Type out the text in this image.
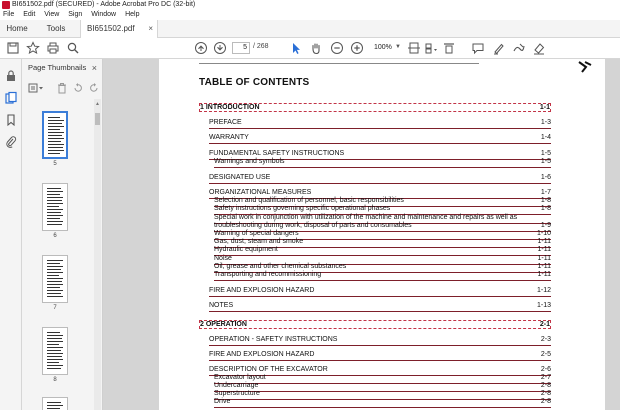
BI651502.pdf (SECURED) - Adobe Acrobat Pro DC (32-bit)
File Edit View Sign Window Help
Home	Tools	BI651502.pdf ×
5 / 268	100% ▼
Page Thumbnails ×
5
6
7
8
▲
TABLE OF CONTENTS
1 INTRODUCTION	1-1
PREFACE	1-3
WARRANTY	1-4
FUNDAMENTAL SAFETY INSTRUCTIONS	1-5
Warnings and symbols	1-5
DESIGNATED USE	1-6
ORGANIZATIONAL MEASURES	1-7
Selection and qualification of personnel, basic responsibilities	1-8
Safety instructions governing specific operational phases	1-8
Special work in conjunction with utilization of the machine and maintenance and repairs as well as
troubleshooting during work, disposal of parts and consumables	1-9
Warning of special dangers	1-10
Gas, dust, steam and smoke	1-11
Hydraulic equipment	1-11
Noise	1-11
Oil, grease and other chemical substances	1-11
Transporting and recommissioning	1-11
FIRE AND EXPLOSION HAZARD	1-12
NOTES	1-13
2 OPERATION	2-1
OPERATION - SAFETY INSTRUCTIONS	2-3
FIRE AND EXPLOSION HAZARD	2-5
DESCRIPTION OF THE EXCAVATOR	2-6
Excavator layout	2-7
Undercarriage	2-8
Superstructure	2-8
Drive	2-8
